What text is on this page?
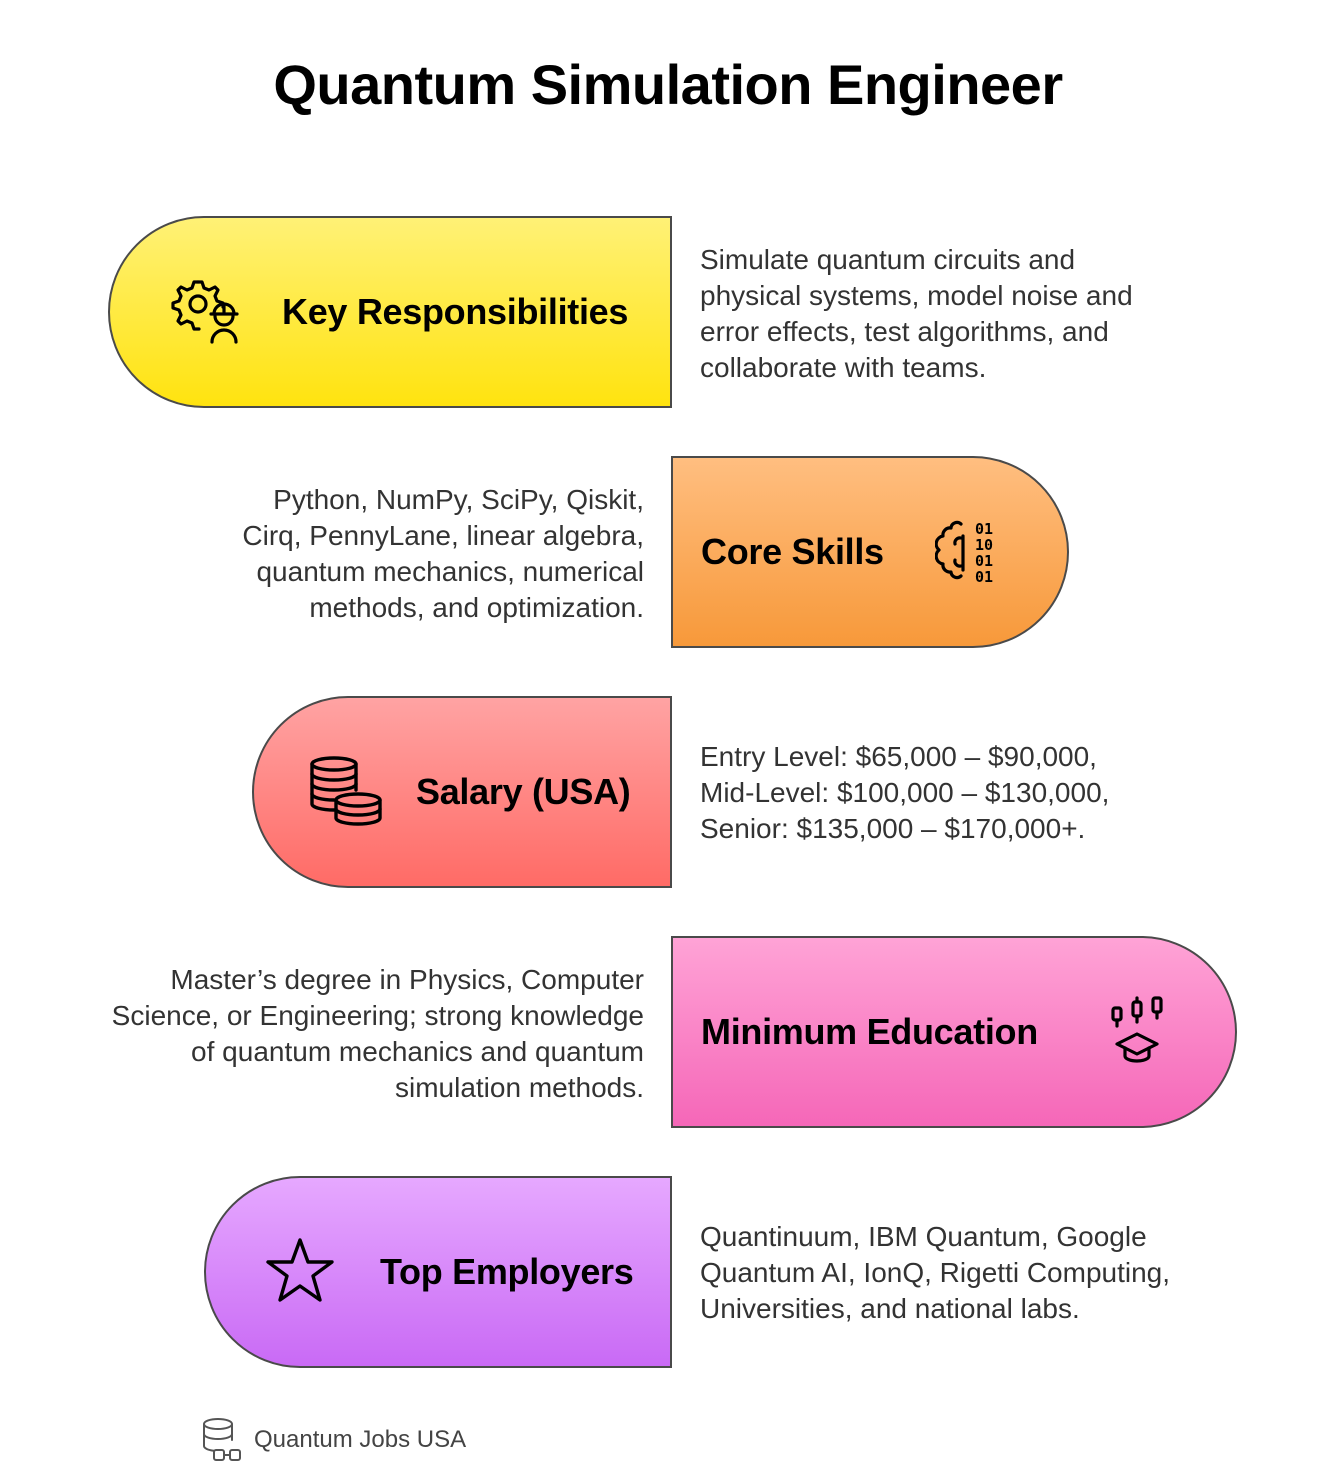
Quantum Simulation Engineer
Key Responsibilities
Simulate quantum circuits and physical systems, model noise and error effects, test algorithms, and collaborate with teams.
Core Skills
01
10
01
01
Python, NumPy, SciPy, Qiskit, Cirq, PennyLane, linear algebra, quantum mechanics, numerical methods, and optimization.
Salary (USA)
Entry Level: $65,000 – $90,000, Mid-Level: $100,000 – $130,000, Senior: $135,000 – $170,000+.
Minimum Education
Master’s degree in Physics, Computer Science, or Engineering; strong knowledge of quantum mechanics and quantum simulation methods.
Top Employers
Quantinuum, IBM Quantum, Google Quantum AI, IonQ, Rigetti Computing, Universities, and national labs.
Quantum Jobs USA
